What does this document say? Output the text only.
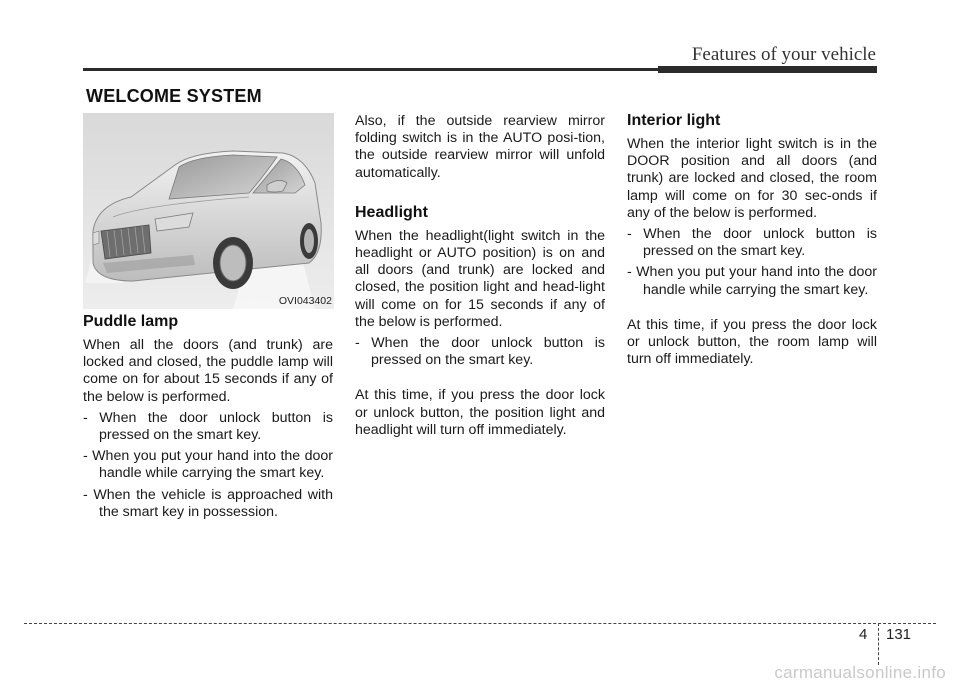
Features of your vehicle
WELCOME SYSTEM
OVI043402
Puddle lamp

When all the doors (and trunk) are locked and closed, the puddle lamp will come on for about 15 seconds if any of the below is performed.

- When the door unlock button is pressed on the smart key.
- When you put your hand into the door handle while carrying the smart key.
- When the vehicle is approached with the smart key in possession.

Also, if the outside rearview mirror folding switch is in the AUTO posi-tion, the outside rearview mirror will unfold automatically.

Headlight

When the headlight(light switch in the headlight or AUTO position) is on and all doors (and trunk) are locked and closed, the position light and head-light will come on for 15 seconds if any of the below is performed.

- When the door unlock button is pressed on the smart key.

At this time, if you press the door lock or unlock button, the position light and headlight will turn off immediately.

Interior light

When the interior light switch is in the DOOR position and all doors (and trunk) are locked and closed, the room lamp will come on for 30 sec-onds if any of the below is performed.

- When the door unlock button is pressed on the smart key.
- When you put your hand into the door handle while carrying the smart key.

At this time, if you press the door lock or unlock button, the room lamp will turn off immediately.

4 131
carmanualsonline.info
